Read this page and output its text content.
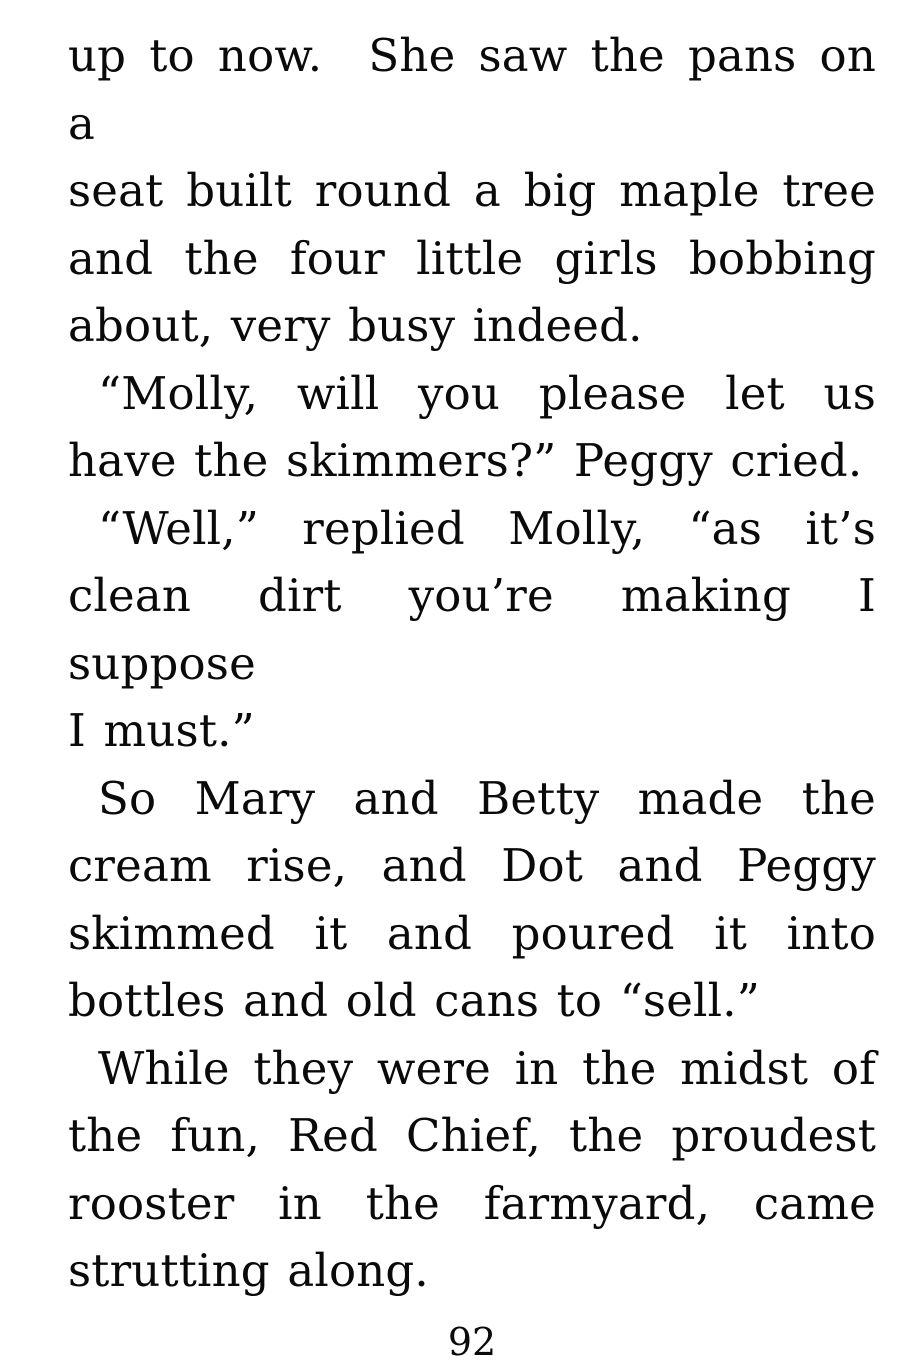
up to now.  She saw the pans on a
seat built round a big maple tree
and the four little girls bobbing
about, very busy indeed.
“Molly, will you please let us
have the skimmers?” Peggy cried.
“Well,” replied Molly, “as it’s
clean dirt you’re making I suppose
I must.”
So Mary and Betty made the
cream rise, and Dot and Peggy
skimmed it and poured it into
bottles and old cans to “sell.”
While they were in the midst of
the fun, Red Chief, the proudest
rooster in the farmyard, came
strutting along.
92
